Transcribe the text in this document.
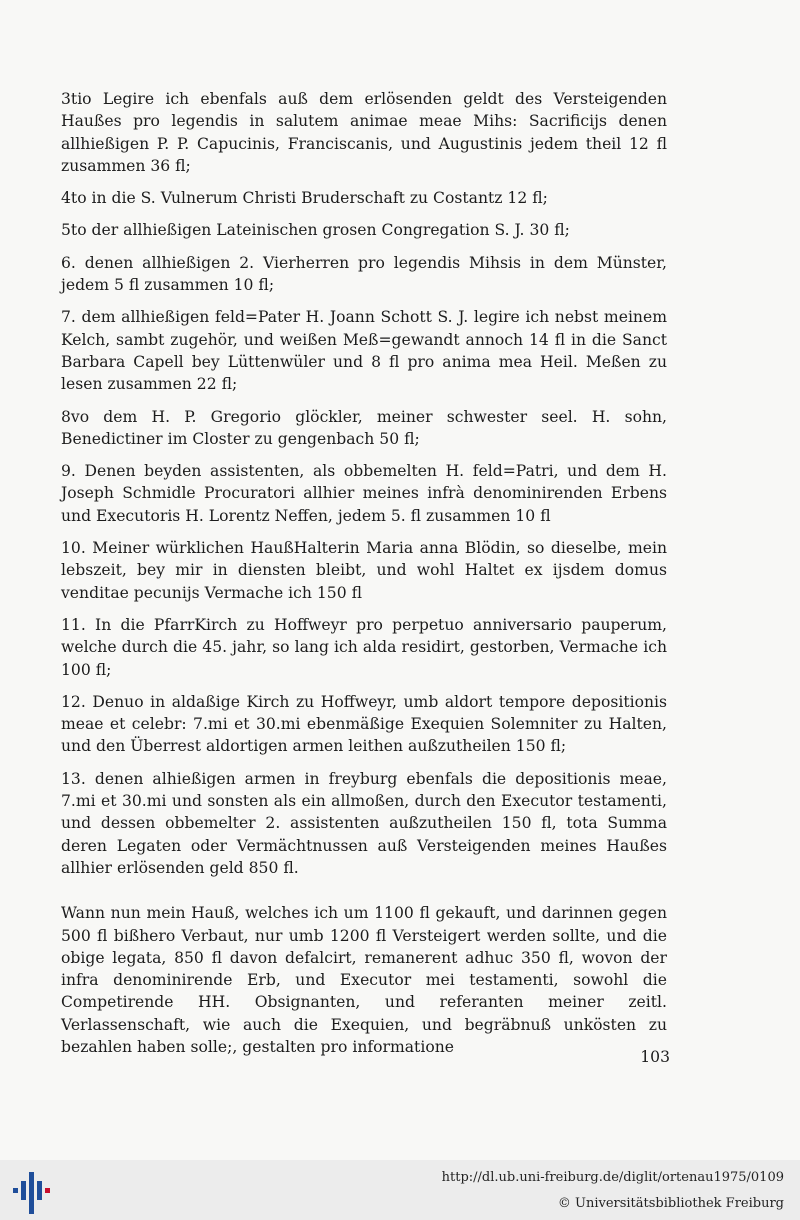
3tio Legire ich ebenfals auß dem erlösenden geldt des Versteigenden Haußes pro legendis in salutem animae meae Mihs: Sacrificijs denen allhießigen P. P. Capucinis, Franciscanis, und Augustinis jedem theil 12 fl zusammen 36 fl;

4to in die S. Vulnerum Christi Bruderschaft zu Costantz 12 fl;

5to der allhießigen Lateinischen grosen Congregation S. J. 30 fl;

6. denen allhießigen 2. Vierherren pro legendis Mihsis in dem Münster, jedem 5 fl zusammen 10 fl;

7. dem allhießigen feld=Pater H. Joann Schott S. J. legire ich nebst meinem Kelch, sambt zugehör, und weißen Meß=gewandt annoch 14 fl in die Sanct Barbara Capell bey Lüttenwüler und 8 fl pro anima mea Heil. Meßen zu lesen zusammen 22 fl;

8vo dem H. P. Gregorio glöckler, meiner schwester seel. H. sohn, Benedictiner im Closter zu gengenbach 50 fl;

9. Denen beyden assistenten, als obbemelten H. feld=Patri, und dem H. Joseph Schmidle Procuratori allhier meines infrà denominirenden Erbens und Executoris H. Lorentz Neffen, jedem 5. fl zusammen 10 fl

10. Meiner würklichen HaußHalterin Maria anna Blödin, so dieselbe, mein lebszeit, bey mir in diensten bleibt, und wohl Haltet ex ijsdem domus venditae pecunijs Vermache ich 150 fl

11. In die PfarrKirch zu Hoffweyr pro perpetuo anniversario pauperum, welche durch die 45. jahr, so lang ich alda residirt, gestorben, Vermache ich 100 fl;

12. Denuo in aldaßige Kirch zu Hoffweyr, umb aldort tempore depositionis meae et celebr: 7.mi et 30.mi ebenmäßige Exequien Solemniter zu Halten, und den Überrest aldortigen armen leithen außzutheilen 150 fl;

13. denen alhießigen armen in freyburg ebenfals die depositionis meae, 7.mi et 30.mi und sonsten als ein allmoßen, durch den Executor testamenti, und dessen obbemelter 2. assistenten außzutheilen 150 fl, tota Summa deren Legaten oder Vermächtnussen auß Versteigenden meines Haußes allhier erlösenden geld 850 fl.

Wann nun mein Hauß, welches ich um 1100 fl gekauft, und darinnen gegen 500 fl bißhero Verbaut, nur umb 1200 fl Versteigert werden sollte, und die obige legata, 850 fl davon defalcirt, remanerent adhuc 350 fl, wovon der infra denominirende Erb, und Executor mei testamenti, sowohl die Competirende HH. Obsignanten, und referanten meiner zeitl. Verlassenschaft, wie auch die Exequien, und begräbnuß unkösten zu bezahlen haben solle;, gestalten pro informatione

103
http://dl.ub.uni-freiburg.de/diglit/ortenau1975/0109
© Universitätsbibliothek Freiburg
